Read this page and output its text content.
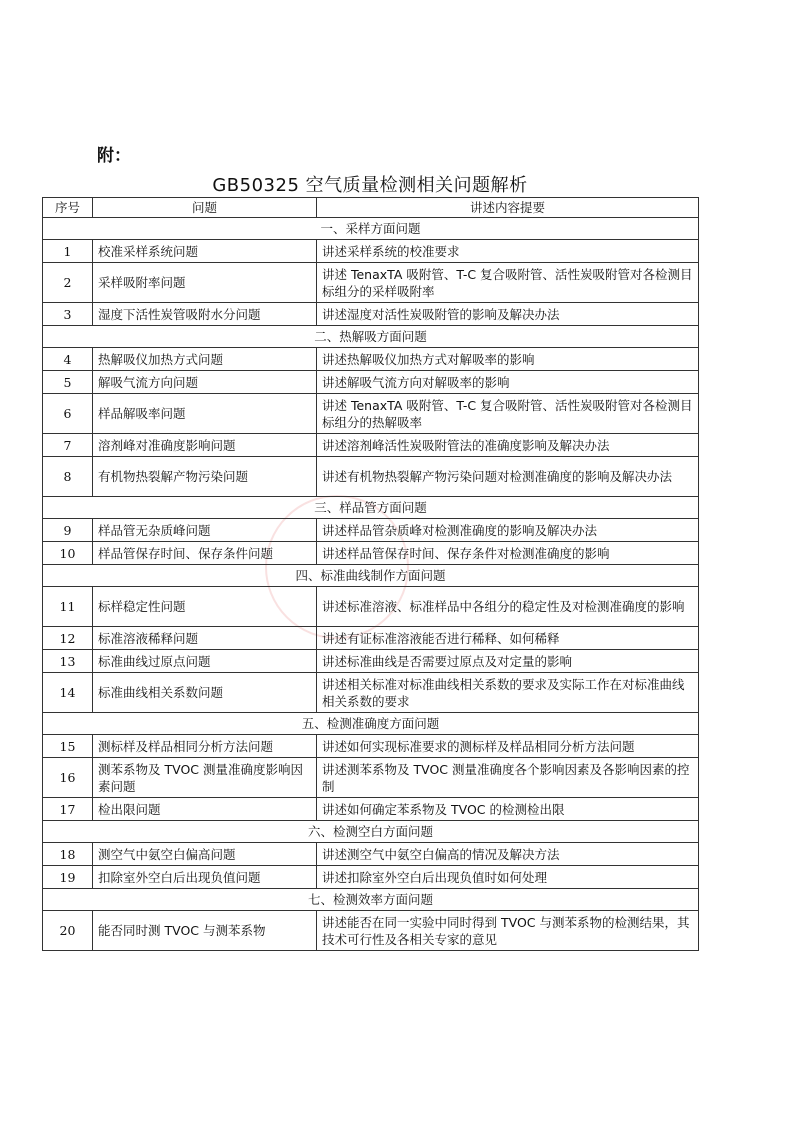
附：
GB50325 空气质量检测相关问题解析
序号	问题	讲述内容提要
一、采样方面问题		
1	校准采样系统问题	讲述采样系统的校准要求
2	采样吸附率问题	讲述 TenaxTA 吸附管、T-C 复合吸附管、活性炭吸附管对各检测目标组分的采样吸附率
3	湿度下活性炭管吸附水分问题	讲述湿度对活性炭吸附管的影响及解决办法
二、热解吸方面问题		
4	热解吸仪加热方式问题	讲述热解吸仪加热方式对解吸率的影响
5	解吸气流方向问题	讲述解吸气流方向对解吸率的影响
6	样品解吸率问题	讲述 TenaxTA 吸附管、T-C 复合吸附管、活性炭吸附管对各检测目标组分的热解吸率
7	溶剂峰对准确度影响问题	讲述溶剂峰活性炭吸附管法的准确度影响及解决办法
8	有机物热裂解产物污染问题	讲述有机物热裂解产物污染问题对检测准确度的影响及解决办法
三、样品管方面问题		
9	样品管无杂质峰问题	讲述样品管杂质峰对检测准确度的影响及解决办法
10	样品管保存时间、保存条件问题	讲述样品管保存时间、保存条件对检测准确度的影响
四、标准曲线制作方面问题		
11	标样稳定性问题	讲述标准溶液、标准样品中各组分的稳定性及对检测准确度的影响
12	标准溶液稀释问题	讲述有证标准溶液能否进行稀释、如何稀释
13	标准曲线过原点问题	讲述标准曲线是否需要过原点及对定量的影响
14	标准曲线相关系数问题	讲述相关标准对标准曲线相关系数的要求及实际工作在对标准曲线相关系数的要求
五、检测准确度方面问题		
15	测标样及样品相同分析方法问题	讲述如何实现标准要求的测标样及样品相同分析方法问题
16	测苯系物及 TVOC 测量准确度影响因素问题	讲述测苯系物及 TVOC 测量准确度各个影响因素及各影响因素的控制
17	检出限问题	讲述如何确定苯系物及 TVOC 的检测检出限
六、检测空白方面问题		
18	测空气中氨空白偏高问题	讲述测空气中氨空白偏高的情况及解决方法
19	扣除室外空白后出现负值问题	讲述扣除室外空白后出现负值时如何处理
七、检测效率方面问题		
20	能否同时测 TVOC 与测苯系物	讲述能否在同一实验中同时得到 TVOC 与测苯系物的检测结果，其技术可行性及各相关专家的意见
